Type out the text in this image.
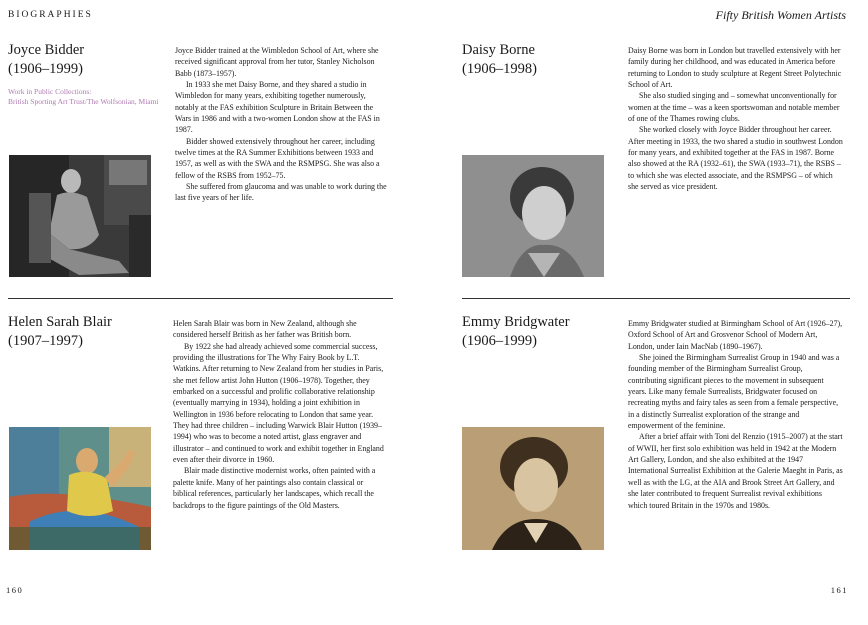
BIOGRAPHIES	Fifty British Women Artists
Joyce Bidder
(1906–1999)
Work in Public Collections:
British Sporting Art Trust/The Wolfsonian, Miami

Joyce Bidder trained at the Wimbledon School of Art, where she received significant approval from her tutor, Stanley Nicholson Babb (1873–1957).

In 1933 she met Daisy Borne, and they shared a studio in Wimbledon for many years, exhibiting together numerously, notably at the FAS exhibition Sculpture in Britain Between the Wars in 1986 and with a two-women London show at the FAS in 1987.

Bidder showed extensively throughout her career, including twelve times at the RA Summer Exhibitions between 1933 and 1957, as well as with the SWA and the RSMPSG. She was also a fellow of the RSBS from 1952–75.

She suffered from glaucoma and was unable to work during the last five years of her life.

Daisy Borne
(1906–1998)

Daisy Borne was born in London but travelled extensively with her family during her childhood, and was educated in America before returning to London to study sculpture at Regent Street Polytechnic School of Art.

She also studied singing and – somewhat unconventionally for women at the time – was a keen sportswoman and notable member of one of the Thames rowing clubs.

She worked closely with Joyce Bidder throughout her career. After meeting in 1933, the two shared a studio in southwest London for many years, and exhibited together at the FAS in 1987. Borne also showed at the RA (1932–61), the SWA (1933–71), the RSBS – to which she was elected associate, and the RSMPSG – of which she served as vice president.

Helen Sarah Blair
(1907–1997)

Helen Sarah Blair was born in New Zealand, although she considered herself British as her father was British born.

By 1922 she had already achieved some commercial success, providing the illustrations for The Why Fairy Book by L.T. Watkins. After returning to New Zealand from her studies in Paris, she met fellow artist John Hutton (1906–1978). Together, they embarked on a successful and prolific collaborative relationship (eventually marrying in 1934), holding a joint exhibition in Wellington in 1936 before relocating to London that same year. They had three children – including Warwick Blair Hutton (1939–1994) who was to become a noted artist, glass engraver and illustrator – and continued to work and exhibit together in England even after their divorce in 1960.

Blair made distinctive modernist works, often painted with a palette knife. Many of her paintings also contain classical or biblical references, particularly her landscapes, which recall the backdrops to the figure paintings of the Old Masters.

Emmy Bridgwater
(1906–1999)

Emmy Bridgwater studied at Birmingham School of Art (1926–27), Oxford School of Art and Grosvenor School of Modern Art, London, under Iain MacNab (1890–1967).

She joined the Birmingham Surrealist Group in 1940 and was a founding member of the Birmingham Surrealist Group, contributing significant pieces to the movement in subsequent years. Like many female Surrealists, Bridgwater focused on recreating myths and fairy tales as seen from a female perspective, in a distinctly Surrealist exploration of the strange and empowerment of the feminine.

After a brief affair with Toni del Renzio (1915–2007) at the start of WWII, her first solo exhibition was held in 1942 at the Modern Art Gallery, London, and she also exhibited at the 1947 International Surrealist Exhibition at the Galerie Maeght in Paris, as well as with the LG, at the AIA and Brook Street Art Gallery, and she later contributed to frequent Surrealist revival exhibitions which toured Britain in the 1970s and 1980s.

160	161
